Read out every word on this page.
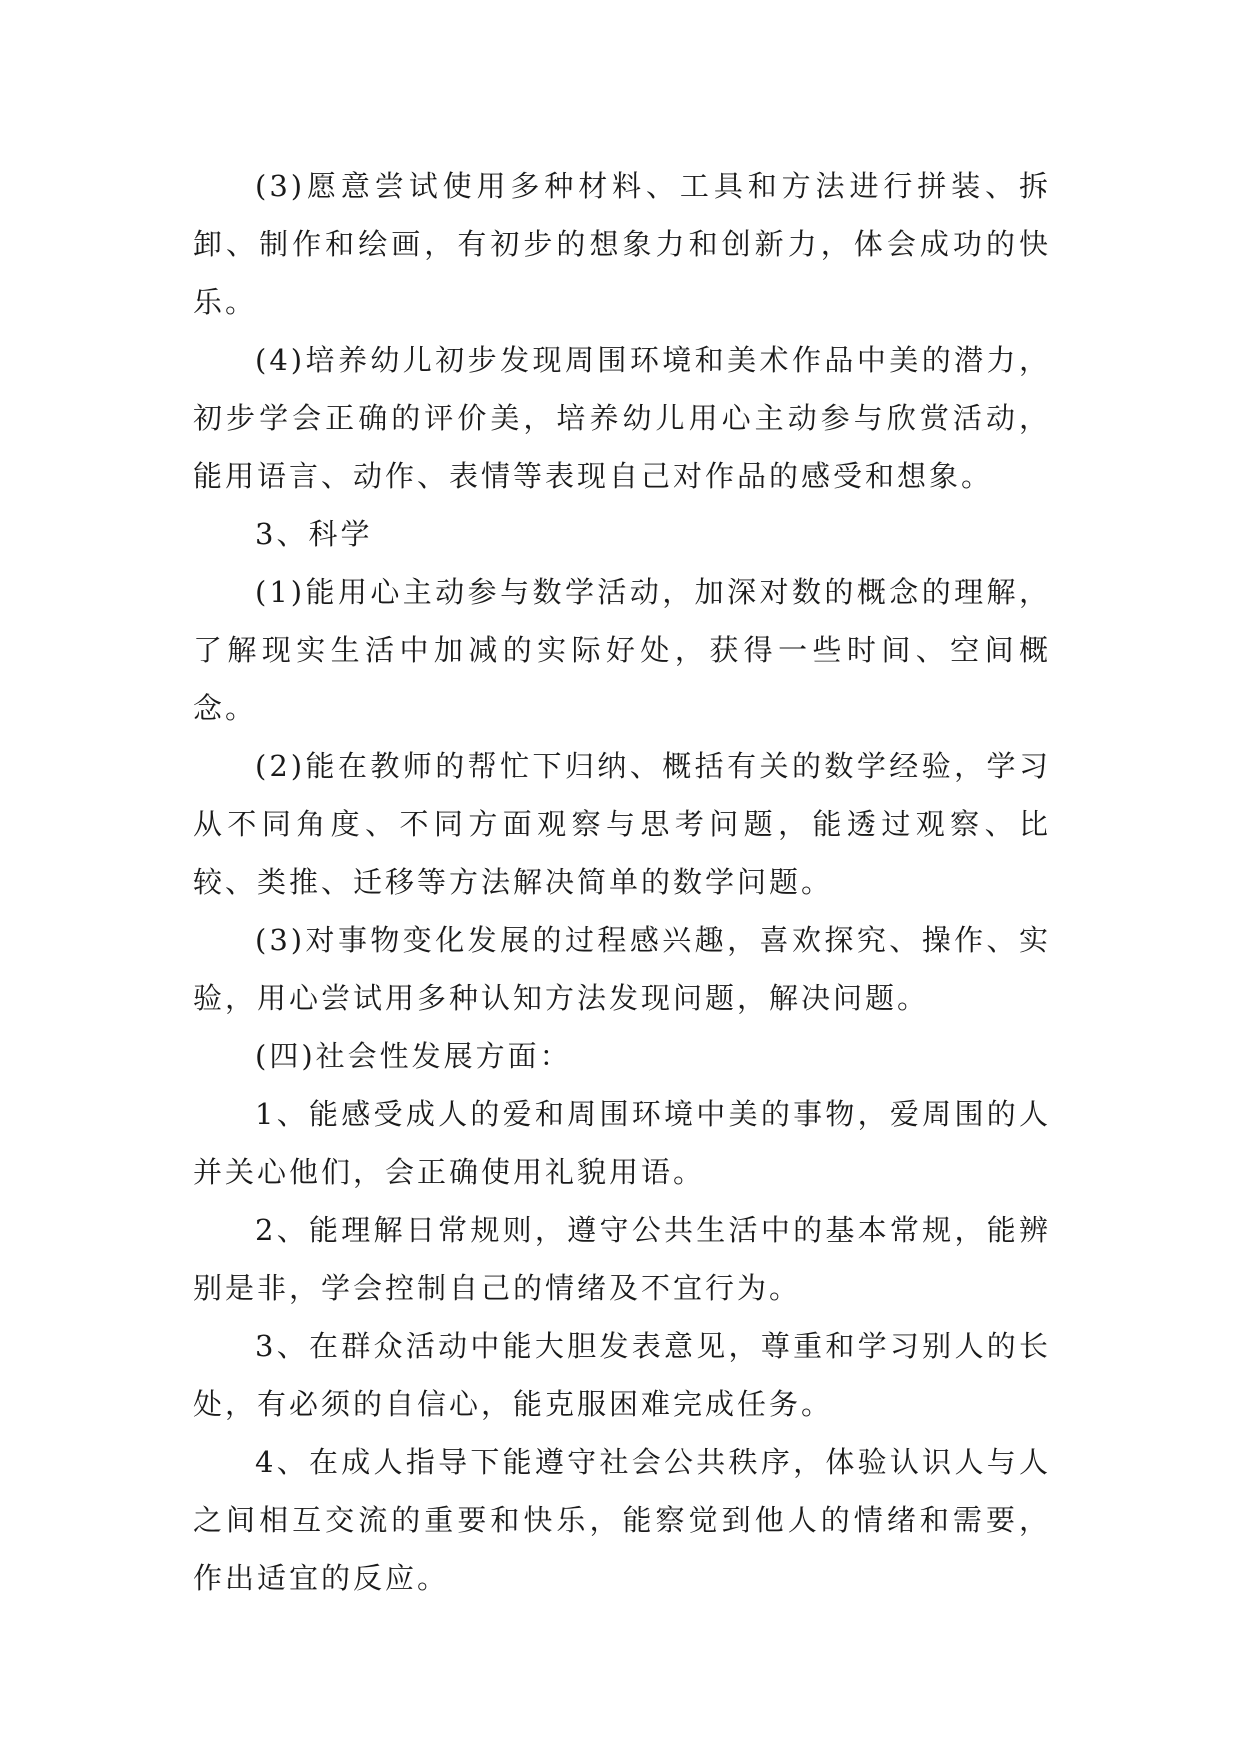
(3)愿意尝试使用多种材料、工具和方法进行拼装、拆卸、制作和绘画，有初步的想象力和创新力，体会成功的快乐。

(4)培养幼儿初步发现周围环境和美术作品中美的潜力，初步学会正确的评价美，培养幼儿用心主动参与欣赏活动，能用语言、动作、表情等表现自己对作品的感受和想象。

3、科学

(1)能用心主动参与数学活动，加深对数的概念的理解，了解现实生活中加减的实际好处，获得一些时间、空间概念。

(2)能在教师的帮忙下归纳、概括有关的数学经验，学习从不同角度、不同方面观察与思考问题，能透过观察、比较、类推、迁移等方法解决简单的数学问题。

(3)对事物变化发展的过程感兴趣，喜欢探究、操作、实验，用心尝试用多种认知方法发现问题，解决问题。

(四)社会性发展方面：

1、能感受成人的爱和周围环境中美的事物，爱周围的人并关心他们，会正确使用礼貌用语。

2、能理解日常规则，遵守公共生活中的基本常规，能辨别是非，学会控制自己的情绪及不宜行为。

3、在群众活动中能大胆发表意见，尊重和学习别人的长处，有必须的自信心，能克服困难完成任务。

4、在成人指导下能遵守社会公共秩序，体验认识人与人之间相互交流的重要和快乐，能察觉到他人的情绪和需要，作出适宜的反应。
